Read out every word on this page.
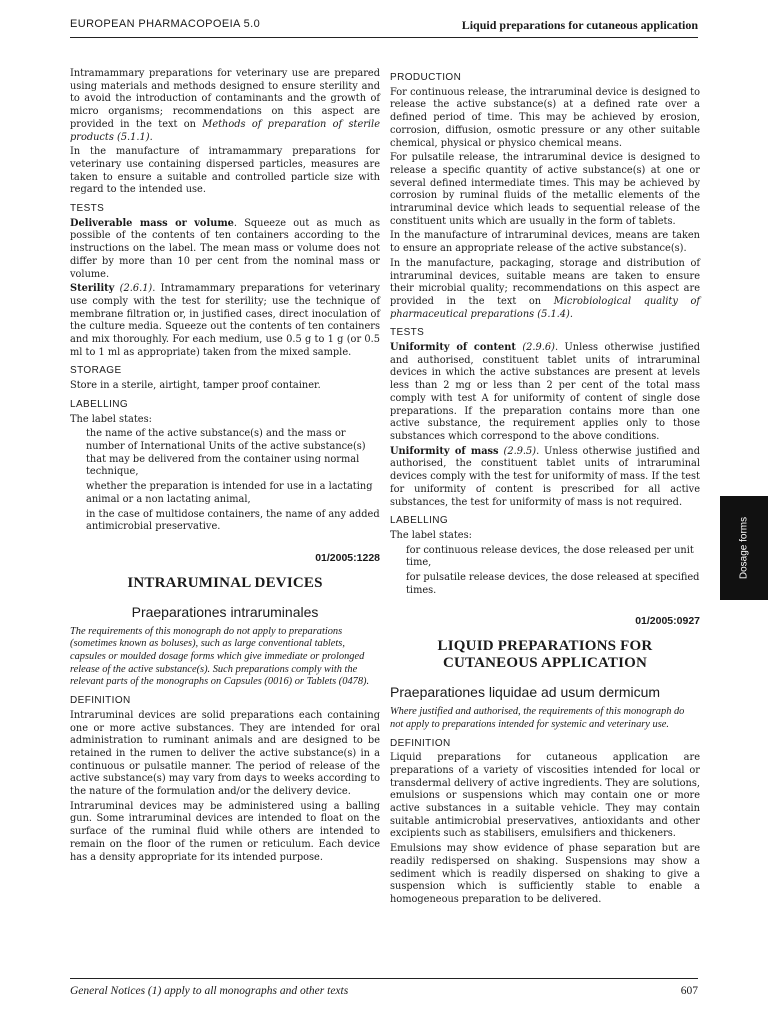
EUROPEAN PHARMACOPOEIA 5.0	Liquid preparations for cutaneous application

Intramammary preparations for veterinary use are prepared using materials and methods designed to ensure sterility and to avoid the introduction of contaminants and the growth of micro organisms; recommendations on this aspect are provided in the text on Methods of preparation of sterile products (5.1.1).

In the manufacture of intramammary preparations for veterinary use containing dispersed particles, measures are taken to ensure a suitable and controlled particle size with regard to the intended use.

TESTS

Deliverable mass or volume. Squeeze out as much as possible of the contents of ten containers according to the instructions on the label. The mean mass or volume does not differ by more than 10 per cent from the nominal mass or volume.

Sterility (2.6.1). Intramammary preparations for veterinary use comply with the test for sterility; use the technique of membrane filtration or, in justified cases, direct inoculation of the culture media. Squeeze out the contents of ten containers and mix thoroughly. For each medium, use 0.5 g to 1 g (or 0.5 ml to 1 ml as appropriate) taken from the mixed sample.

STORAGE

Store in a sterile, airtight, tamper proof container.

LABELLING

The label states:

the name of the active substance(s) and the mass or number of International Units of the active substance(s) that may be delivered from the container using normal technique,
whether the preparation is intended for use in a lactating animal or a non lactating animal,
in the case of multidose containers, the name of any added antimicrobial preservative.
01/2005:1228
INTRARUMINAL DEVICES
Praeparationes intraruminales

The requirements of this monograph do not apply to preparations (sometimes known as boluses), such as large conventional tablets, capsules or moulded dosage forms which give immediate or prolonged release of the active substance(s). Such preparations comply with the relevant parts of the monographs on Capsules (0016) or Tablets (0478).

DEFINITION

Intraruminal devices are solid preparations each containing one or more active substances. They are intended for oral administration to ruminant animals and are designed to be retained in the rumen to deliver the active substance(s) in a continuous or pulsatile manner. The period of release of the active substance(s) may vary from days to weeks according to the nature of the formulation and/or the delivery device.

Intraruminal devices may be administered using a balling gun. Some intraruminal devices are intended to float on the surface of the ruminal fluid while others are intended to remain on the floor of the rumen or reticulum. Each device has a density appropriate for its intended purpose.

PRODUCTION

For continuous release, the intraruminal device is designed to release the active substance(s) at a defined rate over a defined period of time. This may be achieved by erosion, corrosion, diffusion, osmotic pressure or any other suitable chemical, physical or physico chemical means.

For pulsatile release, the intraruminal device is designed to release a specific quantity of active substance(s) at one or several defined intermediate times. This may be achieved by corrosion by ruminal fluids of the metallic elements of the intraruminal device which leads to sequential release of the constituent units which are usually in the form of tablets.

In the manufacture of intraruminal devices, means are taken to ensure an appropriate release of the active substance(s).

In the manufacture, packaging, storage and distribution of intraruminal devices, suitable means are taken to ensure their microbial quality; recommendations on this aspect are provided in the text on Microbiological quality of pharmaceutical preparations (5.1.4).

TESTS

Uniformity of content (2.9.6). Unless otherwise justified and authorised, constituent tablet units of intraruminal devices in which the active substances are present at levels less than 2 mg or less than 2 per cent of the total mass comply with test A for uniformity of content of single dose preparations. If the preparation contains more than one active substance, the requirement applies only to those substances which correspond to the above conditions.

Uniformity of mass (2.9.5). Unless otherwise justified and authorised, the constituent tablet units of intraruminal devices comply with the test for uniformity of mass. If the test for uniformity of content is prescribed for all active substances, the test for uniformity of mass is not required.

LABELLING

The label states:

for continuous release devices, the dose released per unit time,
for pulsatile release devices, the dose released at specified times.
01/2005:0927
LIQUID PREPARATIONS FOR CUTANEOUS APPLICATION
Praeparationes liquidae ad usum dermicum

Where justified and authorised, the requirements of this monograph do not apply to preparations intended for systemic and veterinary use.

DEFINITION

Liquid preparations for cutaneous application are preparations of a variety of viscosities intended for local or transdermal delivery of active ingredients. They are solutions, emulsions or suspensions which may contain one or more active substances in a suitable vehicle. They may contain suitable antimicrobial preservatives, antioxidants and other excipients such as stabilisers, emulsifiers and thickeners.

Emulsions may show evidence of phase separation but are readily redispersed on shaking. Suspensions may show a sediment which is readily dispersed on shaking to give a suspension which is sufficiently stable to enable a homogeneous preparation to be delivered.

Dosage forms
General Notices (1) apply to all monographs and other texts	607
